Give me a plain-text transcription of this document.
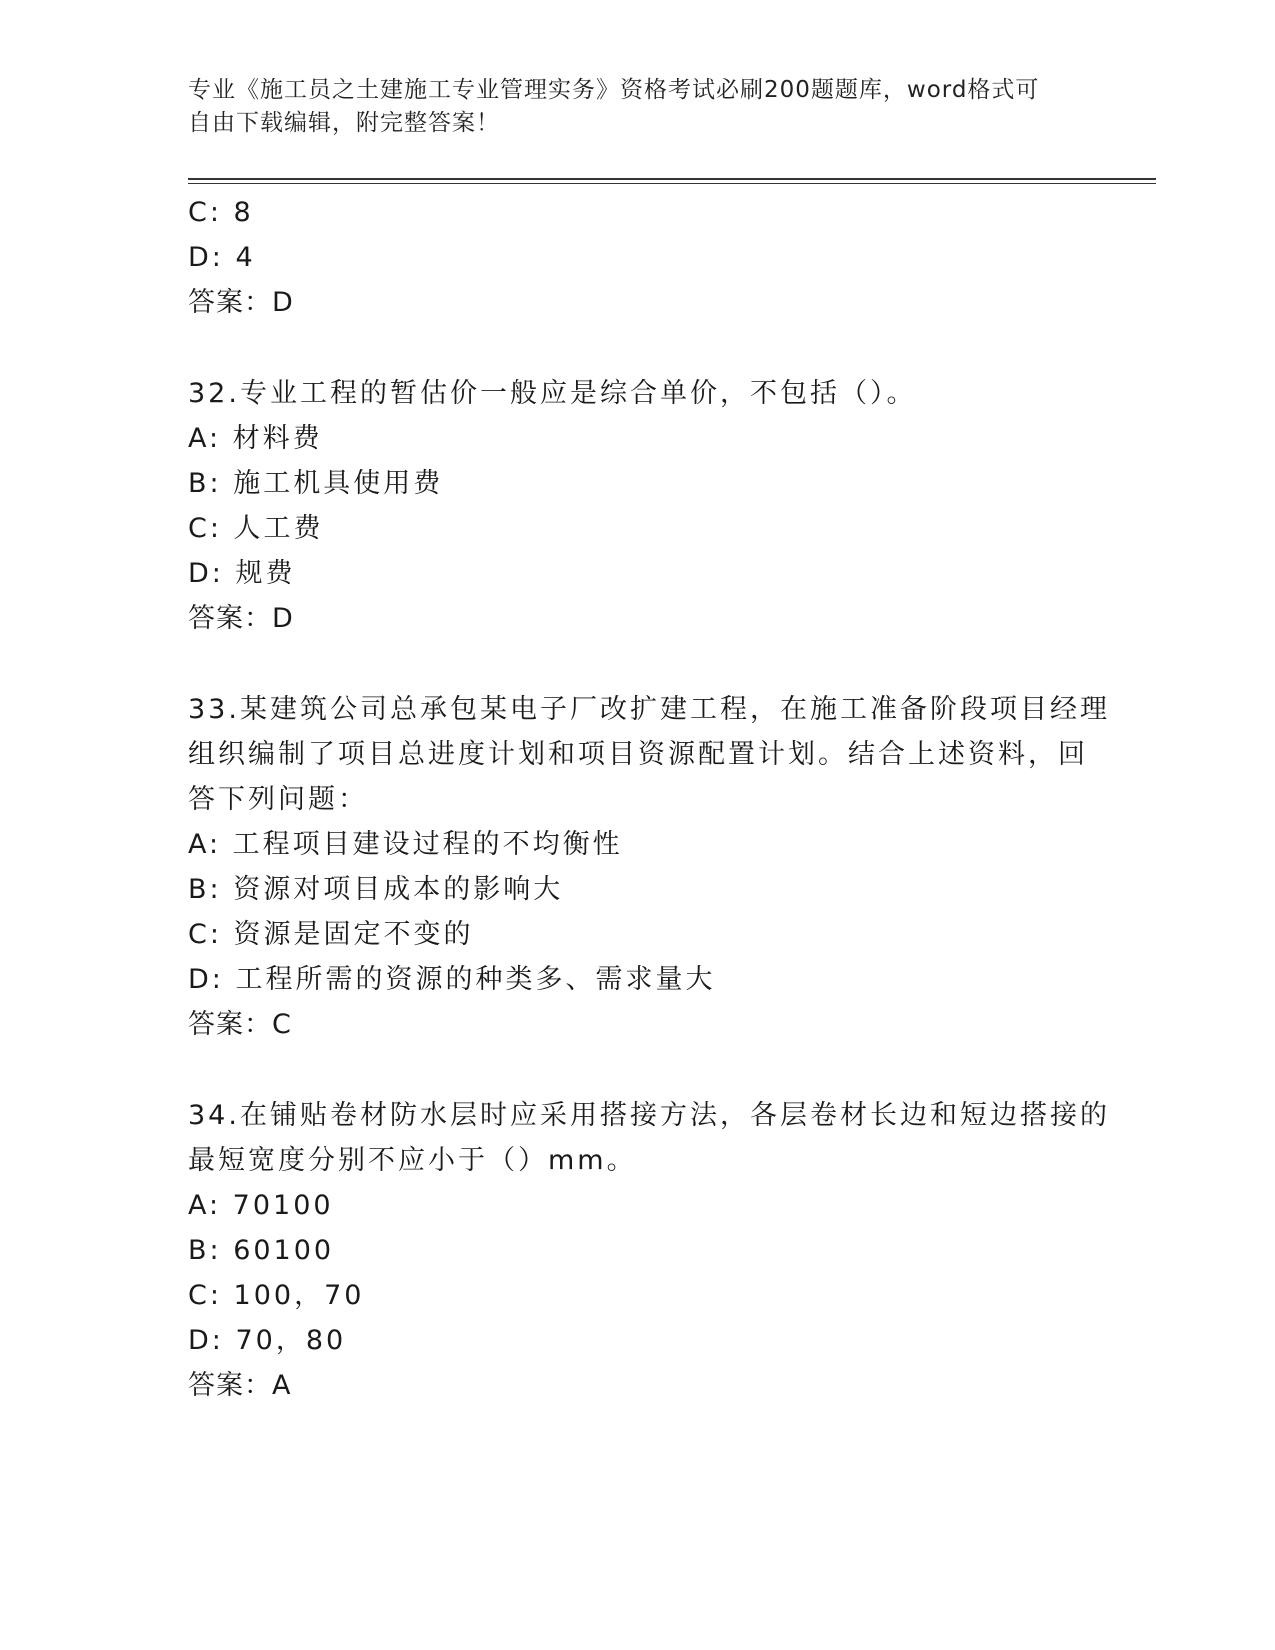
专业《施工员之土建施工专业管理实务》资格考试必刷200题题库，word格式可
自由下载编辑，附完整答案！
C: 8
D: 4
答案：D
32.专业工程的暂估价一般应是综合单价，不包括（）。
A: 材料费
B: 施工机具使用费
C: 人工费
D: 规费
答案：D
33.某建筑公司总承包某电子厂改扩建工程，在施工准备阶段项目经理
组织编制了项目总进度计划和项目资源配置计划。结合上述资料，回
答下列问题：
A: 工程项目建设过程的不均衡性
B: 资源对项目成本的影响大
C: 资源是固定不变的
D: 工程所需的资源的种类多、需求量大
答案：C
34.在铺贴卷材防水层时应采用搭接方法，各层卷材长边和短边搭接的
最短宽度分别不应小于（）mm。
A: 70100
B: 60100
C: 100，70
D: 70，80
答案：A
